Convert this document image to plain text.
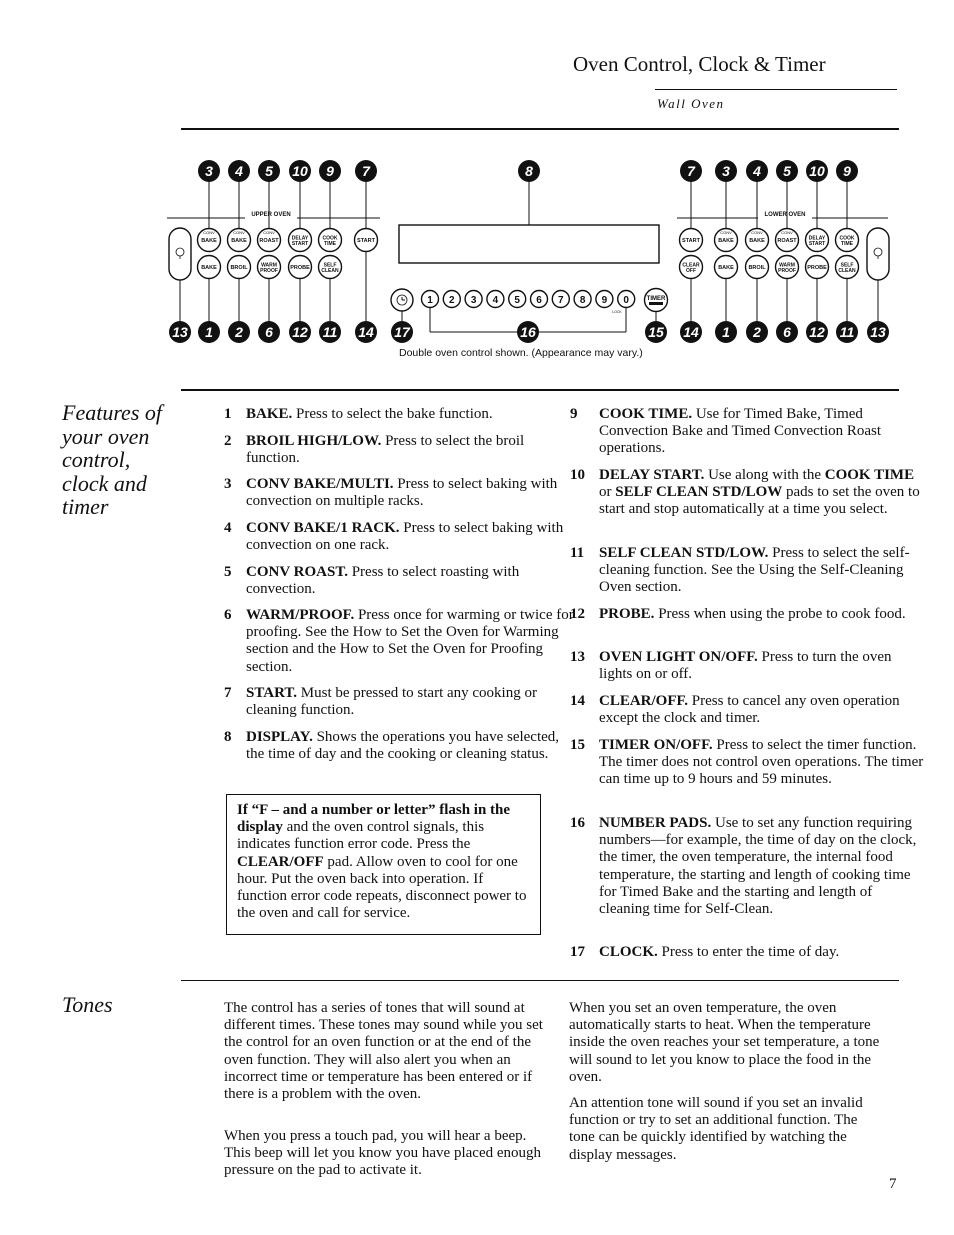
Oven Control, Clock & Timer
Wall Oven
UPPER OVEN	LOWER OVEN
CONV
BAKE
BAKE
CONV
BAKE
BROIL
CONV
ROAST
WARM
PROOF
DELAY
START
PROBE
COOK
TIME
SELF
CLEAN
START	START
CLEAR
OFF
CONV
BAKE
BAKE
CONV
BAKE
BROIL
CONV
ROAST
WARM
PROOF
DELAY
START
PROBE
COOK
TIME
SELF
CLEAN
1 2 3 4 5 6 7 8 9 0
LOCK
TIMER
3 4 5 10 9 7	8	7 3 4 5 10 9
13 1 2 6 12 11 14 17	16	15 14 1 2 6 12 11 13
Double oven control shown. (Appearance may vary.)
Features of your oven control, clock and timer
1 BAKE. Press to select the bake function.
2 BROIL HIGH/LOW. Press to select the broil function.
3 CONV BAKE/MULTI. Press to select baking with convection on multiple racks.
4 CONV BAKE/1 RACK. Press to select baking with convection on one rack.
5 CONV ROAST. Press to select roasting with convection.
6 WARM/PROOF. Press once for warming or twice for proofing. See the How to Set the Oven for Warming section and the How to Set the Oven for Proofing section.
7 START. Must be pressed to start any cooking or cleaning function.
8 DISPLAY. Shows the operations you have selected, the time of day and the cooking or cleaning status.
9 COOK TIME. Use for Timed Bake, Timed Convection Bake and Timed Convection Roast operations.
10 DELAY START. Use along with the COOK TIME or SELF CLEAN STD/LOW pads to set the oven to start and stop automatically at a time you select.
11 SELF CLEAN STD/LOW. Press to select the self-cleaning function. See the Using the Self-Cleaning Oven section.
12 PROBE. Press when using the probe to cook food.
13 OVEN LIGHT ON/OFF. Press to turn the oven lights on or off.
14 CLEAR/OFF. Press to cancel any oven operation except the clock and timer.
15 TIMER ON/OFF. Press to select the timer function. The timer does not control oven operations. The timer can time up to 9 hours and 59 minutes.
16 NUMBER PADS. Use to set any function requiring numbers—for example, the time of day on the clock, the timer, the oven temperature, the internal food temperature, the starting and length of cooking time for Timed Bake and the starting and length of cleaning time for Self-Clean.
17 CLOCK. Press to enter the time of day.
If “F – and a number or letter” flash in the display and the oven control signals, this indicates function error code. Press the CLEAR/OFF pad. Allow oven to cool for one hour. Put the oven back into operation. If function error code repeats, disconnect power to the oven and call for service.
Tones	The control has a series of tones that will sound at different times. These tones may sound while you set the control for an oven function or at the end of the oven function. They will also alert you when an incorrect time or temperature has been entered or if there is a problem with the oven.
When you press a touch pad, you will hear a beep. This beep will let you know you have placed enough pressure on the pad to activate it.
When you set an oven temperature, the oven automatically starts to heat. When the temperature inside the oven reaches your set temperature, a tone will sound to let you know to place the food in the oven.
An attention tone will sound if you set an invalid function or try to set an additional function. The tone can be quickly identified by watching the display messages.
7
